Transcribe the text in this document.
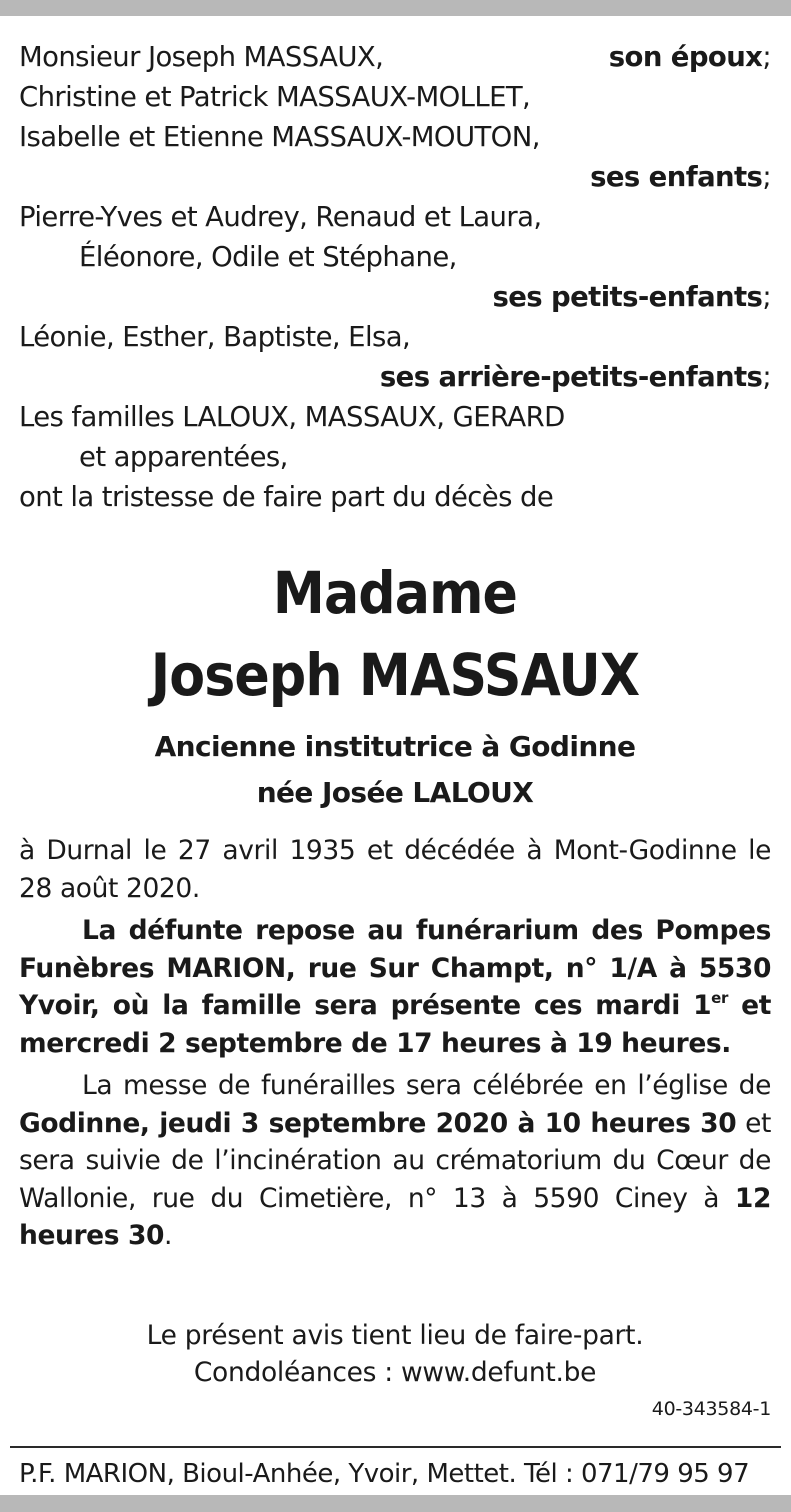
Monsieur Joseph MASSAUX,	son époux;
Christine et Patrick MASSAUX-MOLLET,
Isabelle et Etienne MASSAUX-MOUTON,
ses enfants;
Pierre-Yves et Audrey, Renaud et Laura,
Éléonore, Odile et Stéphane,
ses petits-enfants;
Léonie, Esther, Baptiste, Elsa,
ses arrière-petits-enfants;
Les familles LALOUX, MASSAUX, GERARD
et apparentées,
ont la tristesse de faire part du décès de
Madame
Joseph MASSAUX
Ancienne institutrice à Godinne
née Josée LALOUX
à Durnal le 27 avril 1935 et décédée à Mont-Godinne le 28 août 2020.
La défunte repose au funérarium des Pompes Funèbres MARION, rue Sur Champt, n° 1/A à 5530 Yvoir, où la famille sera présente ces mardi 1er et mercredi 2 septembre de 17 heures à 19 heures.
La messe de funérailles sera célébrée en l’église de Godinne, jeudi 3 septembre 2020 à 10 heures 30 et sera suivie de l’incinération au crématorium du Cœur de Wallonie, rue du Cimetière, n° 13 à 5590 Ciney à 12 heures 30.
Le présent avis tient lieu de faire-part.
Condoléances : www.defunt.be
40-343584-1
P.F. MARION, Bioul-Anhée, Yvoir, Mettet. Tél : 071/79 95 97
